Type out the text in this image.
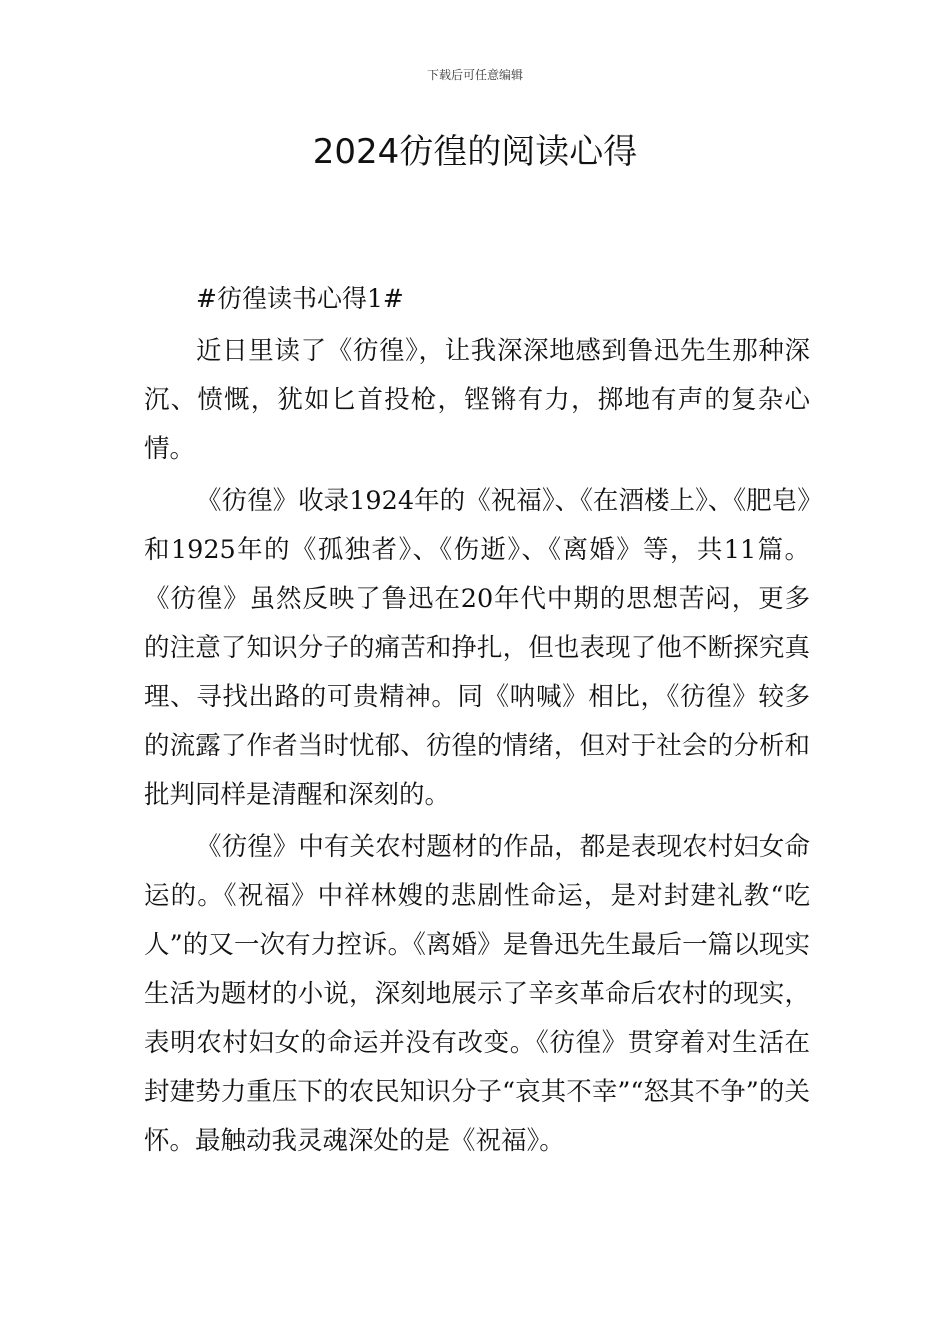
下载后可任意编辑
2024彷徨的阅读心得

#彷徨读书心得1#

近日里读了《彷徨》，让我深深地感到鲁迅先生那种深沉、愤慨，犹如匕首投枪，铿锵有力，掷地有声的复杂心情。

《彷徨》收录1924年的《祝福》、《在酒楼上》、《肥皂》和1925年的《孤独者》、《伤逝》、《离婚》等，共11篇。《彷徨》虽然反映了鲁迅在20年代中期的思想苦闷，更多的注意了知识分子的痛苦和挣扎，但也表现了他不断探究真理、寻找出路的可贵精神。同《呐喊》相比，《彷徨》较多的流露了作者当时忧郁、彷徨的情绪，但对于社会的分析和批判同样是清醒和深刻的。

《彷徨》中有关农村题材的作品，都是表现农村妇女命运的。《祝福》中祥林嫂的悲剧性命运，是对封建礼教“吃人”的又一次有力控诉。《离婚》是鲁迅先生最后一篇以现实生活为题材的小说，深刻地展示了辛亥革命后农村的现实，表明农村妇女的命运并没有改变。《彷徨》贯穿着对生活在封建势力重压下的农民知识分子“哀其不幸”“怒其不争”的关怀。最触动我灵魂深处的是《祝福》。
